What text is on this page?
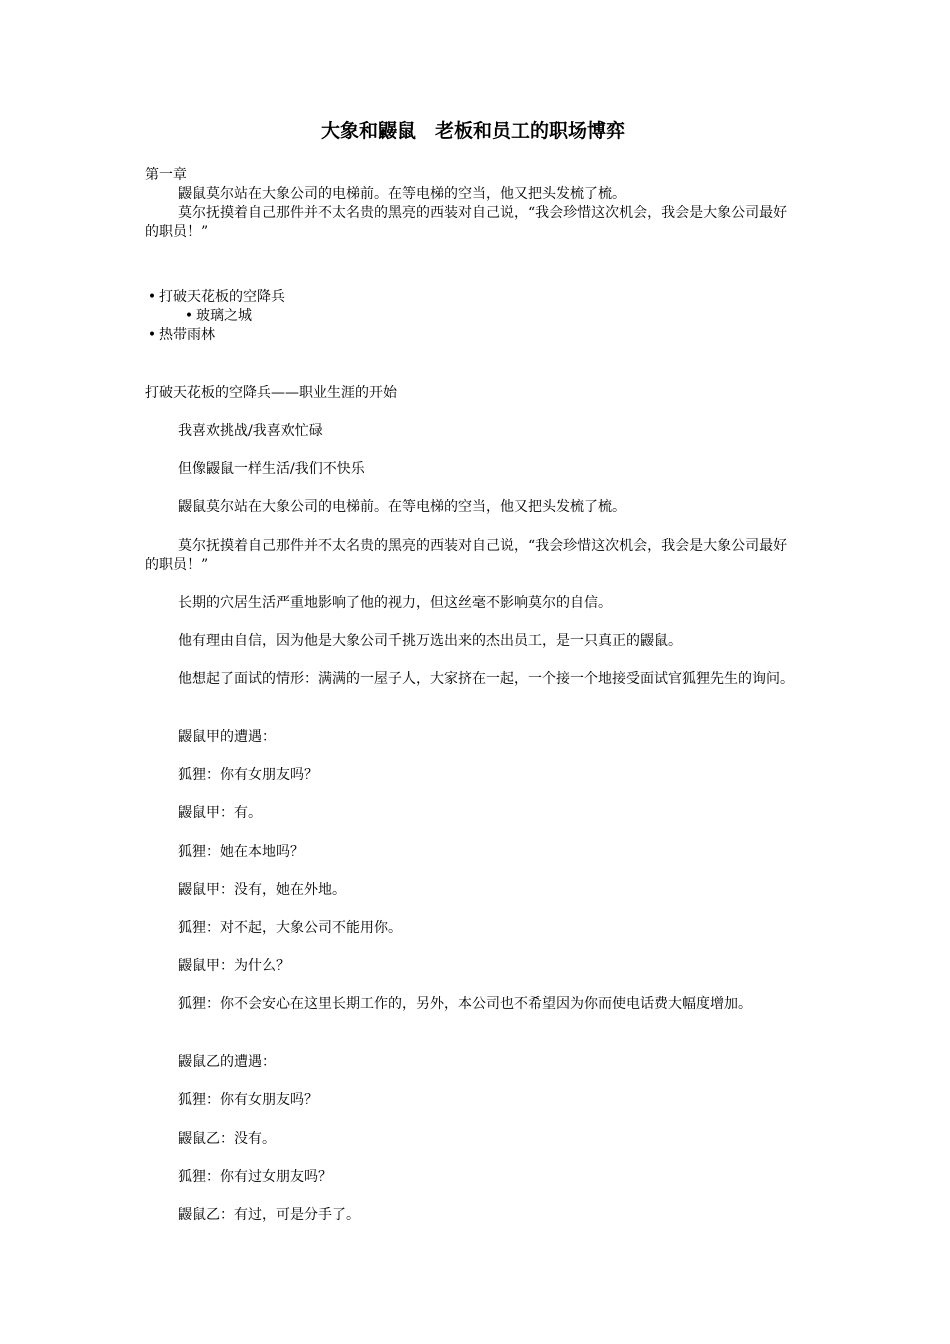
大象和鼹鼠　老板和员工的职场博弈

第一章

鼹鼠莫尔站在大象公司的电梯前。在等电梯的空当，他又把头发梳了梳。

莫尔抚摸着自己那件并不太名贵的黑亮的西装对自己说，“我会珍惜这次机会，我会是大象公司最好的职员！”

• 打破天花板的空降兵
• 玻璃之城
• 热带雨林

打破天花板的空降兵——职业生涯的开始

我喜欢挑战/我喜欢忙碌

但像鼹鼠一样生活/我们不快乐

鼹鼠莫尔站在大象公司的电梯前。在等电梯的空当，他又把头发梳了梳。

莫尔抚摸着自己那件并不太名贵的黑亮的西装对自己说，“我会珍惜这次机会，我会是大象公司最好的职员！”

长期的穴居生活严重地影响了他的视力，但这丝毫不影响莫尔的自信。

他有理由自信，因为他是大象公司千挑万选出来的杰出员工，是一只真正的鼹鼠。

他想起了面试的情形：满满的一屋子人，大家挤在一起，一个接一个地接受面试官狐狸先生的询问。

鼹鼠甲的遭遇：

狐狸：你有女朋友吗？

鼹鼠甲：有。

狐狸：她在本地吗？

鼹鼠甲：没有，她在外地。

狐狸：对不起，大象公司不能用你。

鼹鼠甲：为什么？

狐狸：你不会安心在这里长期工作的，另外，本公司也不希望因为你而使电话费大幅度增加。

鼹鼠乙的遭遇：

狐狸：你有女朋友吗？

鼹鼠乙：没有。

狐狸：你有过女朋友吗？

鼹鼠乙：有过，可是分手了。
